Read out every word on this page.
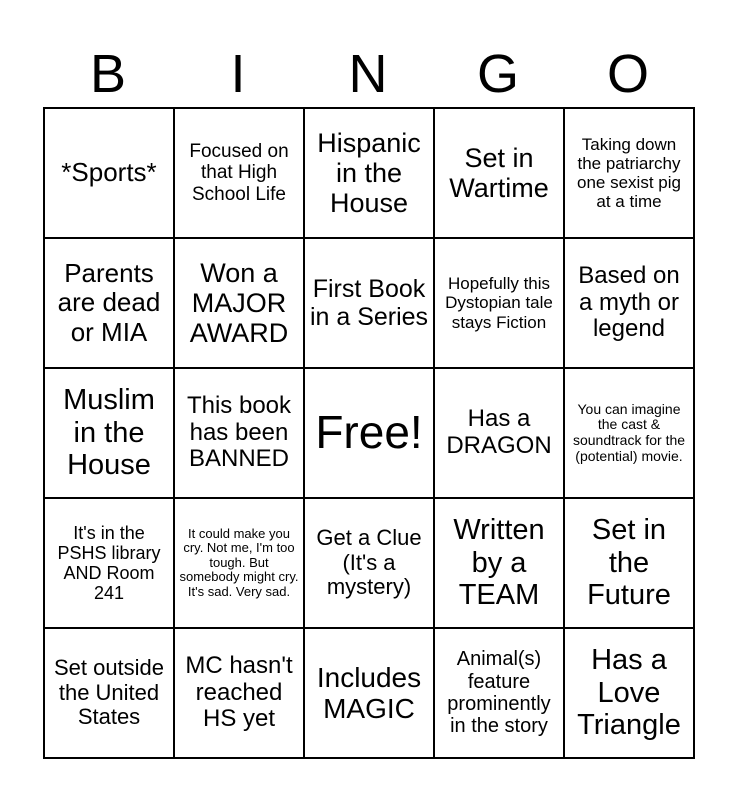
B	I	N	G	O
*Sports*	Focused on that High School Life	Hispanic in the House	Set in Wartime	Taking down the patriarchy one sexist pig at a time
Parents are dead or MIA	Won a MAJOR AWARD	First Book in a Series	Hopefully this Dystopian tale stays Fiction	Based on a myth or legend
Muslim in the House	This book has been BANNED	Free!	Has a DRAGON	You can imagine the cast & soundtrack for the (potential) movie.
It's in the PSHS library AND Room 241	It could make you cry. Not me, I'm too tough. But somebody might cry. It's sad. Very sad.	Get a Clue (It's a mystery)	Written by a TEAM	Set in the Future
Set outside the United States	MC hasn't reached HS yet	Includes MAGIC	Animal(s) feature prominently in the story	Has a Love Triangle
